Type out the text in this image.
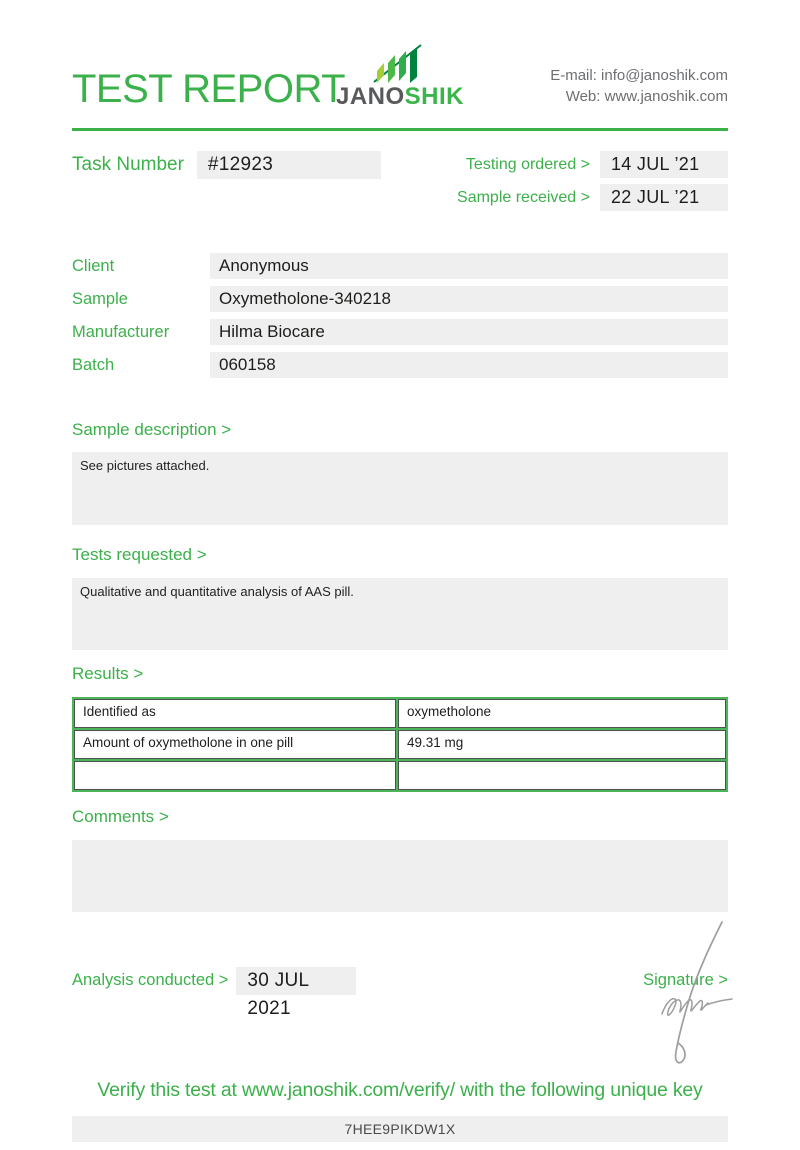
TEST REPORT
JANOSHIK
E-mail: info@janoshik.com
Web: www.janoshik.com
Task Number	#12923	Testing ordered >	14 JUL ’21
Sample received >	22 JUL ’21
Client	Anonymous
Sample	Oxymetholone-340218
Manufacturer	Hilma Biocare
Batch	060158
Sample description >
See pictures attached.
Tests requested >
Qualitative and quantitative analysis of AAS pill.
Results >
Identified as	oxymetholone

Amount of oxymetholone in one pill	49.31 mg

Comments >
Analysis conducted >	30 JUL 2021
Signature >
Verify this test at www.janoshik.com/verify/ with the following unique key
7HEE9PIKDW1X
